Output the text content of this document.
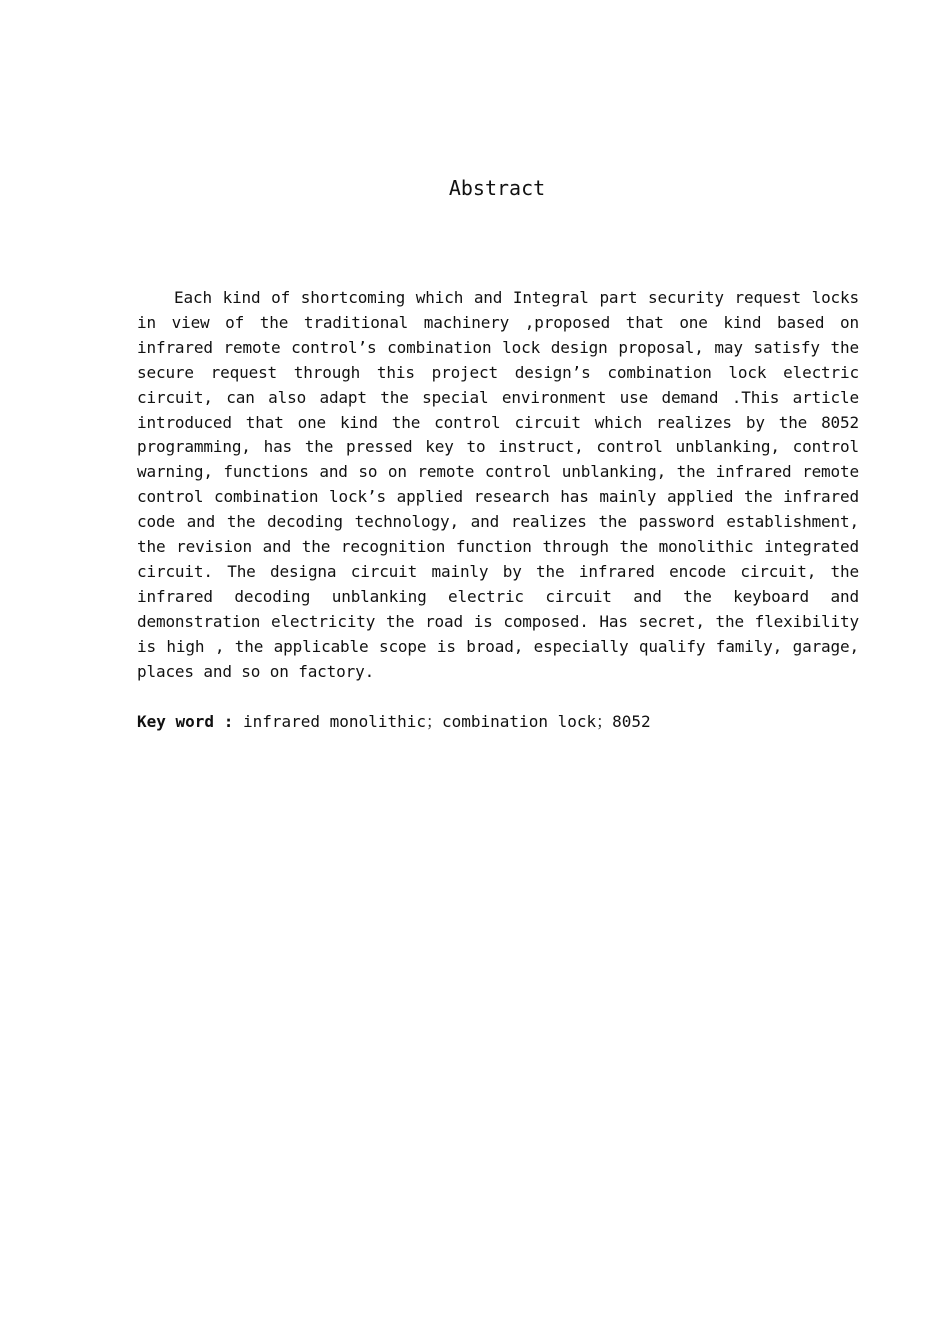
Abstract

Each kind of shortcoming which and Integral part security request locks in view of the traditional machinery ,proposed that one kind based on infrared remote control’s combination lock design proposal, may satisfy the secure request through this project design’s combination lock electric circuit, can also adapt the special environment use demand .This article introduced that one kind the control circuit which realizes by the 8052 programming, has the pressed key to instruct, control unblanking, control warning, functions and so on remote control unblanking, the infrared remote control combination lock’s applied research has mainly applied the infrared code and the decoding technology, and realizes the password establishment, the revision and the recognition function through the monolithic integrated circuit. The designa circuit mainly by the infrared encode circuit, the infrared decoding unblanking electric circuit and the keyboard and demonstration electricity the road is composed. Has secret, the flexibility is high , the applicable scope is broad, especially qualify family, garage, places and so on factory.

Key word : infrared monolithic；combination lock；8052
